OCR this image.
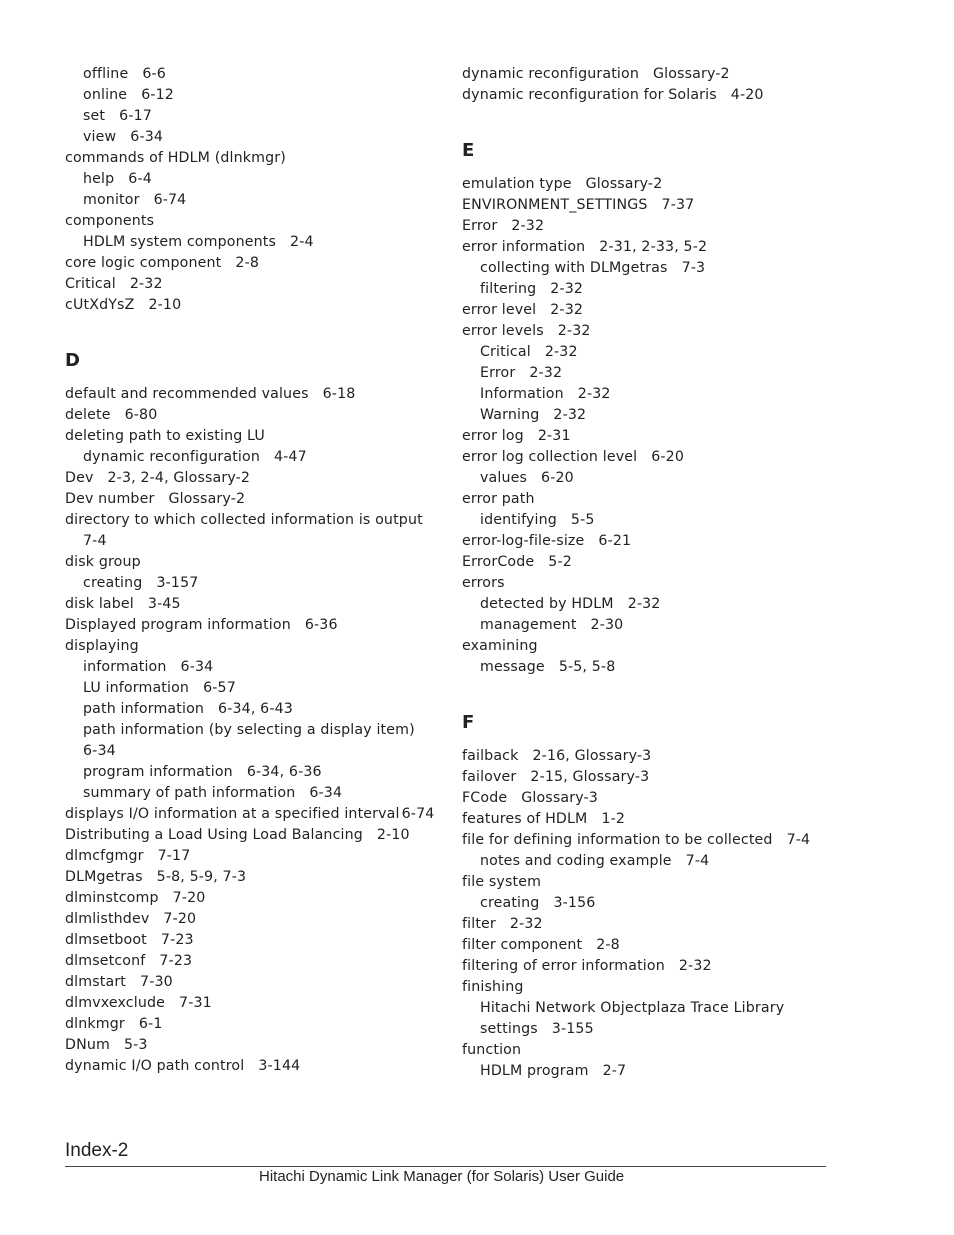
offline 6-6
online 6-12
set 6-17
view 6-34
commands of HDLM (dlnkmgr)
help 6-4
monitor 6-74
components
HDLM system components 2-4
core logic component 2-8
Critical 2-32
cUtXdYsZ 2-10
D
default and recommended values 6-18
delete 6-80
deleting path to existing LU
dynamic reconfiguration 4-47
Dev 2-3, 2-4, Glossary-2
Dev number Glossary-2
directory to which collected information is output
7-4
disk group
creating 3-157
disk label 3-45
Displayed program information 6-36
displaying
information 6-34
LU information 6-57
path information 6-34, 6-43
path information (by selecting a display item)
6-34
program information 6-34, 6-36
summary of path information 6-34
displays I/O information at a specified interval 6-74
Distributing a Load Using Load Balancing 2-10
dlmcfgmgr 7-17
DLMgetras 5-8, 5-9, 7-3
dlminstcomp 7-20
dlmlisthdev 7-20
dlmsetboot 7-23
dlmsetconf 7-23
dlmstart 7-30
dlmvxexclude 7-31
dlnkmgr 6-1
DNum 5-3
dynamic I/O path control 3-144
dynamic reconfiguration Glossary-2
dynamic reconfiguration for Solaris 4-20
E
emulation type Glossary-2
ENVIRONMENT_SETTINGS 7-37
Error 2-32
error information 2-31, 2-33, 5-2
collecting with DLMgetras 7-3
filtering 2-32
error level 2-32
error levels 2-32
Critical 2-32
Error 2-32
Information 2-32
Warning 2-32
error log 2-31
error log collection level 6-20
values 6-20
error path
identifying 5-5
error-log-file-size 6-21
ErrorCode 5-2
errors
detected by HDLM 2-32
management 2-30
examining
message 5-5, 5-8
F
failback 2-16, Glossary-3
failover 2-15, Glossary-3
FCode Glossary-3
features of HDLM 1-2
file for defining information to be collected 7-4
notes and coding example 7-4
file system
creating 3-156
filter 2-32
filter component 2-8
filtering of error information 2-32
finishing
Hitachi Network Objectplaza Trace Library
settings 3-155
function
HDLM program 2-7
Index-2
Hitachi Dynamic Link Manager (for Solaris) User Guide
